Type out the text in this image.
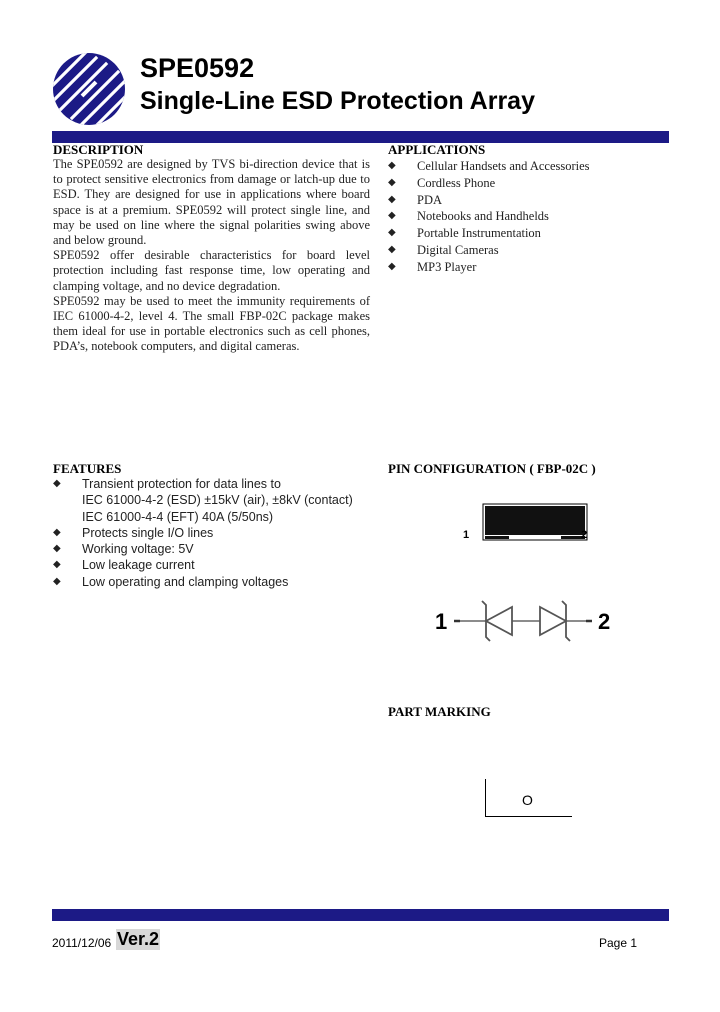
SPE0592
Single-Line ESD Protection Array
DESCRIPTION

The SPE0592 are designed by TVS bi-direction device that is to protect sensitive electronics from damage or latch-up due to ESD. They are designed for use in applications where board space is at a premium. SPE0592 will protect single line, and may be used on line where the signal polarities swing above and below ground.

SPE0592 offer desirable characteristics for board level protection including fast response time, low operating and clamping voltage, and no device degradation.

SPE0592 may be used to meet the immunity requirements of IEC 61000-4-2, level 4. The small FBP-02C package makes them ideal for use in portable electronics such as cell phones, PDA’s, notebook computers, and digital cameras.

APPLICATIONS
◆ Cellular Handsets and Accessories
◆ Cordless Phone
◆ PDA
◆ Notebooks and Handhelds
◆ Portable Instrumentation
◆ Digital Cameras
◆ MP3 Player
FEATURES
◆ Transient protection for data lines to
IEC 61000-4-2 (ESD) ±15kV (air), ±8kV (contact)
IEC 61000-4-4 (EFT) 40A (5/50ns)
◆ Protects single I/O lines
◆ Working voltage: 5V
◆ Low leakage current
◆ Low operating and clamping voltages
PIN CONFIGURATION ( FBP-02C )
1	2
1	2
PART MARKING
O
2011/12/06 Ver.2	Page 1
